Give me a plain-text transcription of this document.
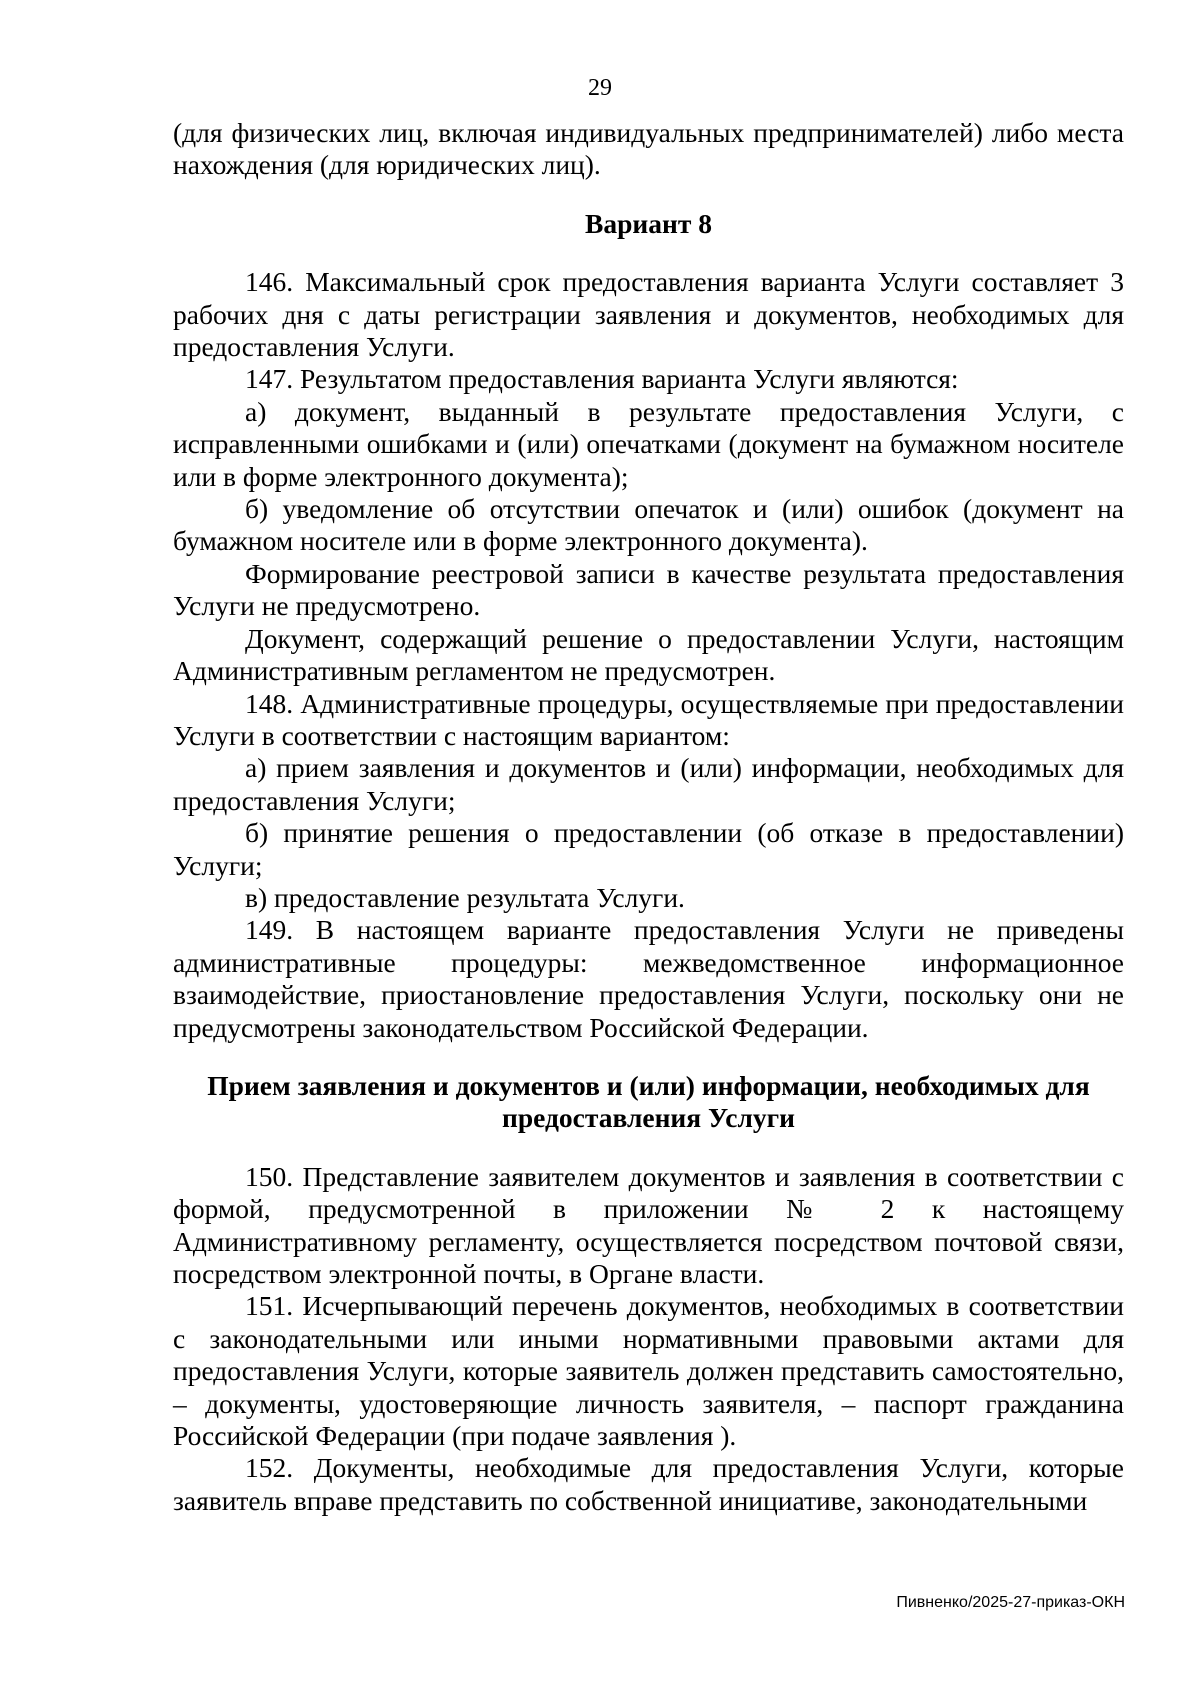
29

(для физических лиц, включая индивидуальных предпринимателей) либо места нахождения (для юридических лиц).

Вариант 8

146. Максимальный срок предоставления варианта Услуги составляет 3 рабочих дня с даты регистрации заявления и документов, необходимых для предоставления Услуги.

147. Результатом предоставления варианта Услуги являются:

а) документ, выданный в результате предоставления Услуги, с исправленными ошибками и (или) опечатками (документ на бумажном носителе или в форме электронного документа);

б) уведомление об отсутствии опечаток и (или) ошибок (документ на бумажном носителе или в форме электронного документа).

Формирование реестровой записи в качестве результата предоставления Услуги не предусмотрено.

Документ, содержащий решение о предоставлении Услуги, настоящим Административным регламентом не предусмотрен.

148. Административные процедуры, осуществляемые при предоставлении Услуги в соответствии с настоящим вариантом:

а) прием заявления и документов и (или) информации, необходимых для предоставления Услуги;

б) принятие решения о предоставлении (об отказе в предоставлении) Услуги;

в) предоставление результата Услуги.

149. В настоящем варианте предоставления Услуги не приведены административные процедуры: межведомственное информационное взаимодействие, приостановление предоставления Услуги, поскольку они не предусмотрены законодательством Российской Федерации.

Прием заявления и документов и (или) информации, необходимых для предоставления Услуги

150. Представление заявителем документов и заявления в соответствии с формой, предусмотренной в приложении № 2 к настоящему Административному регламенту, осуществляется посредством почтовой связи, посредством электронной почты, в Органе власти.

151. Исчерпывающий перечень документов, необходимых в соответствии с законодательными или иными нормативными правовыми актами для предоставления Услуги, которые заявитель должен представить самостоятельно, – документы, удостоверяющие личность заявителя, – паспорт гражданина Российской Федерации (при подаче заявления ).

152. Документы, необходимые для предоставления Услуги, которые заявитель вправе представить по собственной инициативе, законодательными

Пивненко/2025-27-приказ-ОКН
